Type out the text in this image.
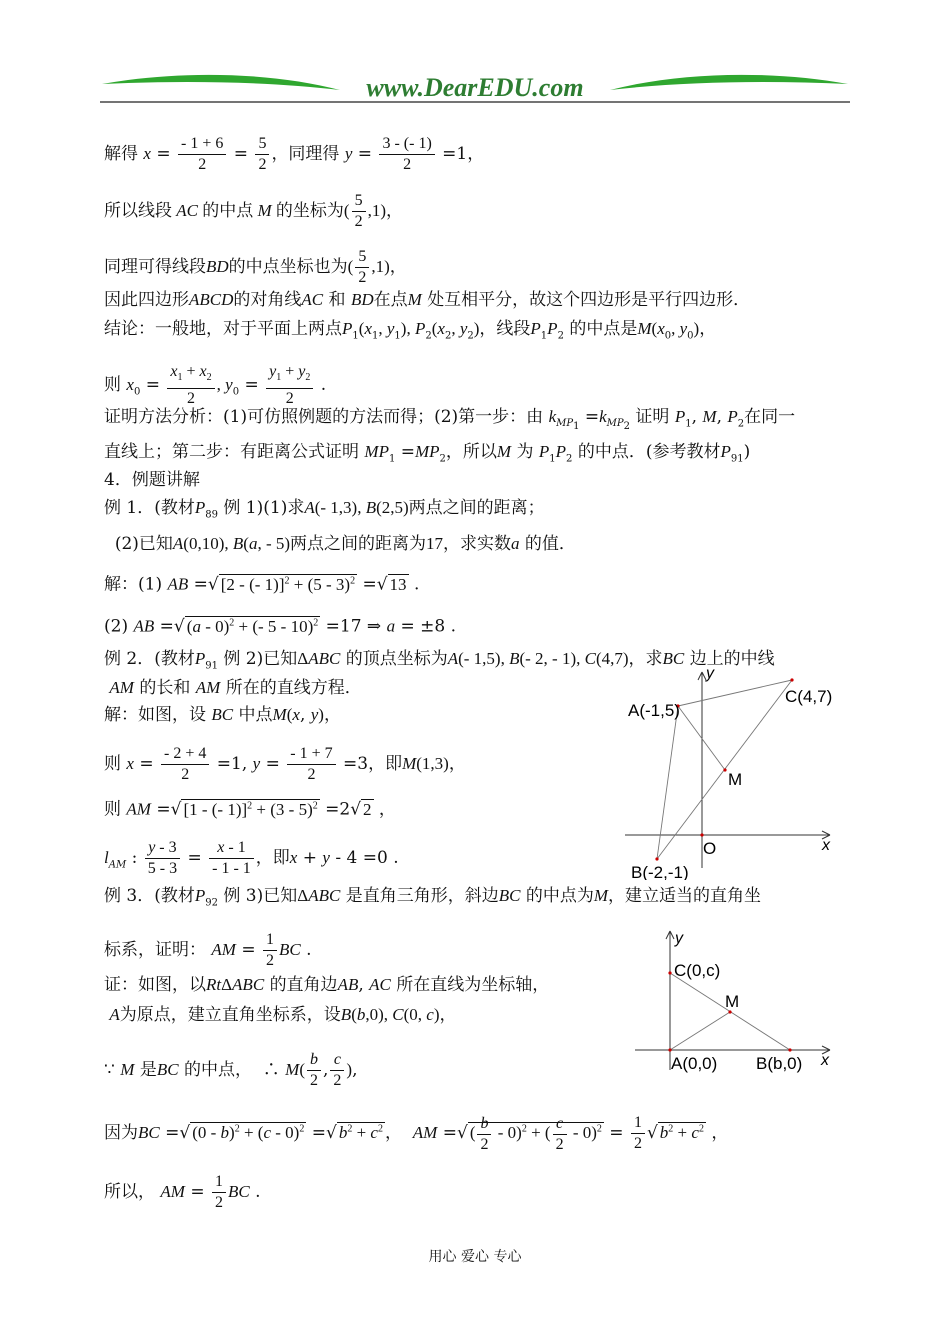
www.DearEDU.com
解得 $x = \frac{- 1 + 6}{2} = \frac{5}{2}$ ，同理得 $y = \frac{3 - (- 1)}{2} =1$，
所以线段 AC 的中点 M 的坐标为( $\frac{5}{2} ,1$)，
同理可得线段BD的中点坐标也为( $\frac{5}{2} ,1$)，
因此四边形ABCD的对角线AC 和 BD在点M 处互相平分，故这个四边形是平行四边形．
结论：一般地，对于平面上两点$P_1(x_1$, $y_1$), $P_2(x_2$, $y_2$)，线段$P_1P_2$ 的中点是$M(x_0$, $y_0$)，
则 $x_0 = \frac{x_1 + x_2}{2}$ , $y_0 = \frac{y_1 + y_2}{2}$ .
证明方法分析：(1)可仿照例题的方法而得；(2)第一步：由 $k_{MP_1} =k_{MP_2}$ 证明 $P_1$, M, $P_2$在同一
直线上；第二步：有距离公式证明 $MP_1 =MP_2$，所以M 为 $P_1P_2$ 的中点．(参考教材$P_{91}$)
4．例题讲解
例 1．(教材$P_{89}$ 例 1)(1)求A(- 1,3), B(2,5)两点之间的距离；
(2)已知A(0,10), B(a, - 5)两点之间的距离为17，求实数a 的值．
解：(1) AB =√ [2 - (- 1)]$^2$ + (5 - 3)$^2$ =√ 13 .
(2) AB =√ (a - 0)$^2$ + (- 5 - 10)$^2$ =17 ⇒ a = ±8 .
例 2．(教材$P_{91}$ 例 2)已知ΔABC 的顶点坐标为A(- 1,5), B(- 2, - 1), C(4,7)，求BC 边上的中线
AM 的长和 AM 所在的直线方程．
解：如图，设 BC 中点M(x, y)，
则 $x = \frac{- 2 + 4}{2} =1$, $y = \frac{- 1 + 7}{2} =3$，即M(1,3)，
则 AM =√ [1 - (- 1)]$^2$ + (3 - 5)$^2$ =2√ 2 ，
$l_{AM}$ : $\frac{y - 3}{5 - 3} = \frac{x - 1}{- 1 - 1}$ ，即x + y - 4 =0 .
例 3．(教材$P_{92}$ 例 3)已知ΔABC 是直角三角形，斜边BC 的中点为M，建立适当的直角坐
标系，证明： AM = $\frac{1}{2}$ BC .
证：如图，以RtΔABC 的直角边AB, AC 所在直线为坐标轴，
A为原点，建立直角坐标系，设B(b,0), C(0, c)，
∵ M 是BC 的中点，  ∴ $M( \frac{b}{2}$ , $\frac{c}{2}$ ),
因为BC =√ (0 - b)$^2$ + (c - 0)$^2$ =√ $b^2 + c^2$ ， AM =√ ( $\frac{b}{2} - 0)^2$ + ( $\frac{c}{2} - 0)^2 = \frac{1}{2}$ √ $b^2 + c^2$ ，
所以， AM = $\frac{1}{2}$ BC .
A(-1,5)
C(4,7)
M
O
B(-2,-1)
x
y
y
C(0,c)
M
A(0,0) B(b,0) x
用心 爱心 专心
